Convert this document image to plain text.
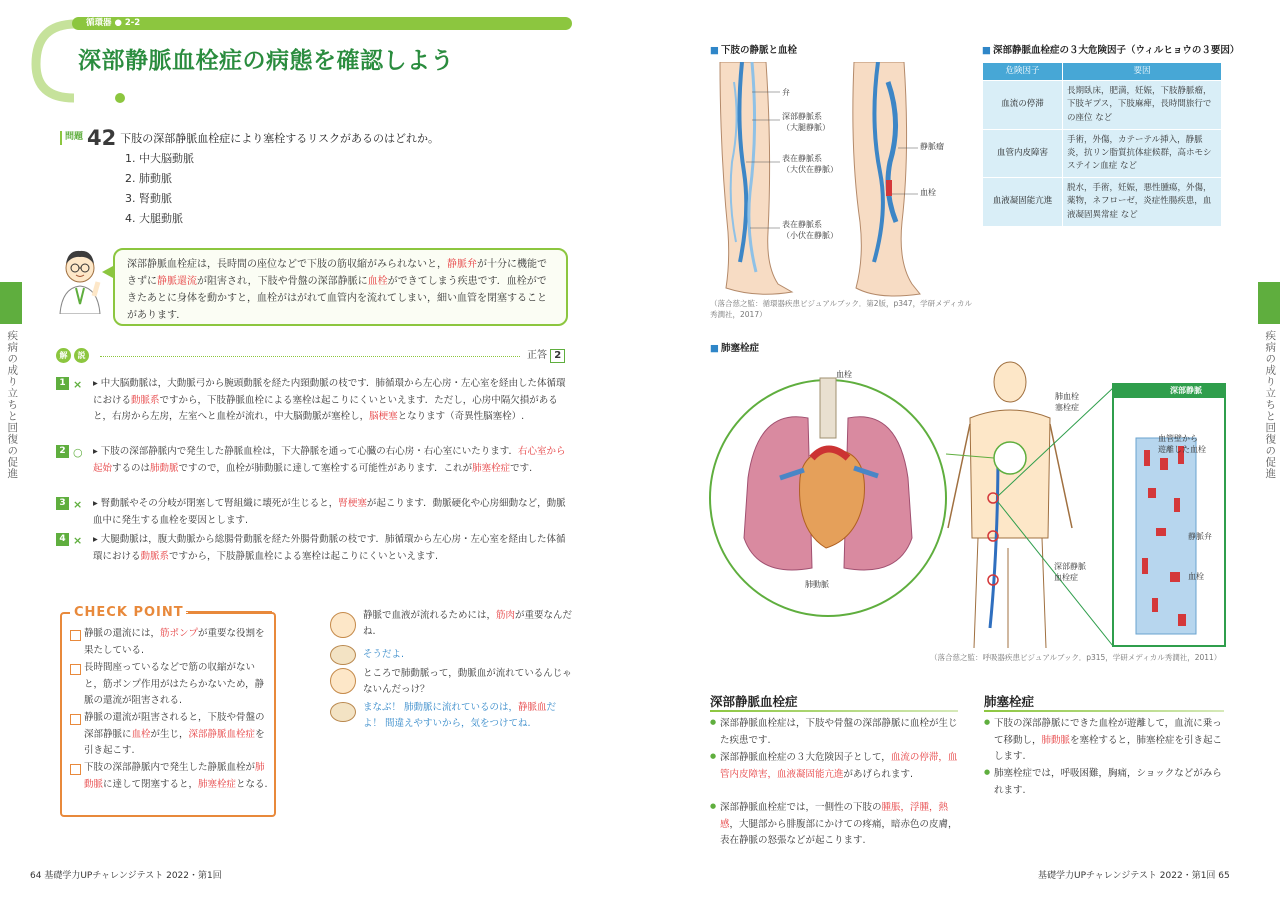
循環器 ● 2-2
深部静脈血栓症の病態を確認しよう
問題 42 下肢の深部静脈血栓症により塞栓するリスクがあるのはどれか。
1. 中大脳動脈
2. 肺動脈
3. 腎動脈
4. 大腿動脈
深部静脈血栓症は，長時間の座位などで下肢の筋収縮がみられないと，静脈弁が十分に機能できずに静脈還流が阻害され，下肢や骨盤の深部静脈に血栓ができてしまう疾患です．血栓ができたあとに身体を動かすと，血栓がはがれて血管内を流れてしまい，細い血管を閉塞することがあります．
疾病の成り立ちと回復の促進	解 説	正答 2
1 × ▸ 中大脳動脈は，大動脈弓から腕頭動脈を経た内頸動脈の枝です．肺循環から左心房・左心室を経由した体循環における動脈系ですから，下肢静脈血栓による塞栓は起こりにくいといえます．ただし，心房中隔欠損があると，右房から左房，左室へと血栓が流れ，中大脳動脈が塞栓し，脳梗塞となります（奇異性脳塞栓）.
2 ○ ▸ 下肢の深部静脈内で発生した静脈血栓は，下大静脈を通って心臓の右心房・右心室にいたります．右心室から起始するのは肺動脈ですので，血栓が肺動脈に達して塞栓する可能性があります．これが肺塞栓症です.
3 × ▸ 腎動脈やその分岐が閉塞して腎組織に壊死が生じると，腎梗塞が起こります．動脈硬化や心房細動など，動脈血中に発生する血栓を要因とします.
4 × ▸ 大腿動脈は，腹大動脈から総腸骨動脈を経た外腸骨動脈の枝です．肺循環から左心房・左心室を経由した体循環における動脈系ですから，下肢静脈血栓による塞栓は起こりにくいといえます.
CHECK POINT
静脈の還流には，筋ポンプが重要な役割を果たしている.
長時間座っているなどで筋の収縮がないと，筋ポンプ作用がはたらかないため，静脈の還流が阻害される.
静脈の還流が阻害されると，下肢や骨盤の深部静脈に血栓が生じ，深部静脈血栓症を引き起こす.
下肢の深部静脈内で発生した静脈血栓が肺動脈に達して閉塞すると，肺塞栓症となる.
静脈で血液が流れるためには，筋肉が重要なんだね.
そうだよ.
ところで肺動脈って，動脈血が流れているんじゃないんだっけ？
まなぶ！ 肺動脈に流れているのは，静脈血だよ！ 間違えやすいから，気をつけてね.
64 基礎学力UPチャレンジテスト 2022・第1回
■ 下肢の静脈と血栓
弁
深部静脈系
（大腿静脈）
表在静脈系
（大伏在静脈）
表在静脈系
（小伏在静脈）
静脈瘤
血栓
（落合慈之監：循環器疾患ビジュアルブック．第2版，p347，学研メディカル秀潤社，2017）
■ 深部静脈血栓症の３大危険因子（ウィルヒョウの３要因）
危険因子	要因
血流の停滞	長期臥床，肥満，妊娠，下肢静脈瘤，下肢ギプス，下肢麻痺，長時間旅行での座位 など
血管内皮障害	手術，外傷，カテーテル挿入，静脈炎，抗リン脂質抗体症候群，高ホモシステイン血症 など
血液凝固能亢進	脱水，手術，妊娠，悪性腫瘍，外傷，薬物，ネフローゼ，炎症性腸疾患，血液凝固異常症 など
疾病の成り立ちと回復の促進
■ 肺塞栓症
血栓
肺動脈
肺血栓
塞栓症
深部静脈
血栓症
深部静脈
血管壁から
遊離した血栓
静脈弁
血栓
（落合慈之監：呼吸器疾患ビジュアルブック．p315，学研メディカル秀潤社，2011）
深部静脈血栓症
● 深部静脈血栓症は，下肢や骨盤の深部静脈に血栓が生じた疾患です.
● 深部静脈血栓症の３大危険因子として，血流の停滞，血管内皮障害，血液凝固能亢進があげられます.
● 深部静脈血栓症では，一側性の下肢の腫脹，浮腫，熱感，大腿部から腓腹部にかけての疼痛，暗赤色の皮膚，表在静脈の怒張などが起こります.
肺塞栓症
● 下肢の深部静脈にできた血栓が遊離して，血流に乗って移動し，肺動脈を塞栓すると，肺塞栓症を引き起こします.
● 肺塞栓症では，呼吸困難，胸痛，ショックなどがみられます.
基礎学力UPチャレンジテスト 2022・第1回 65
